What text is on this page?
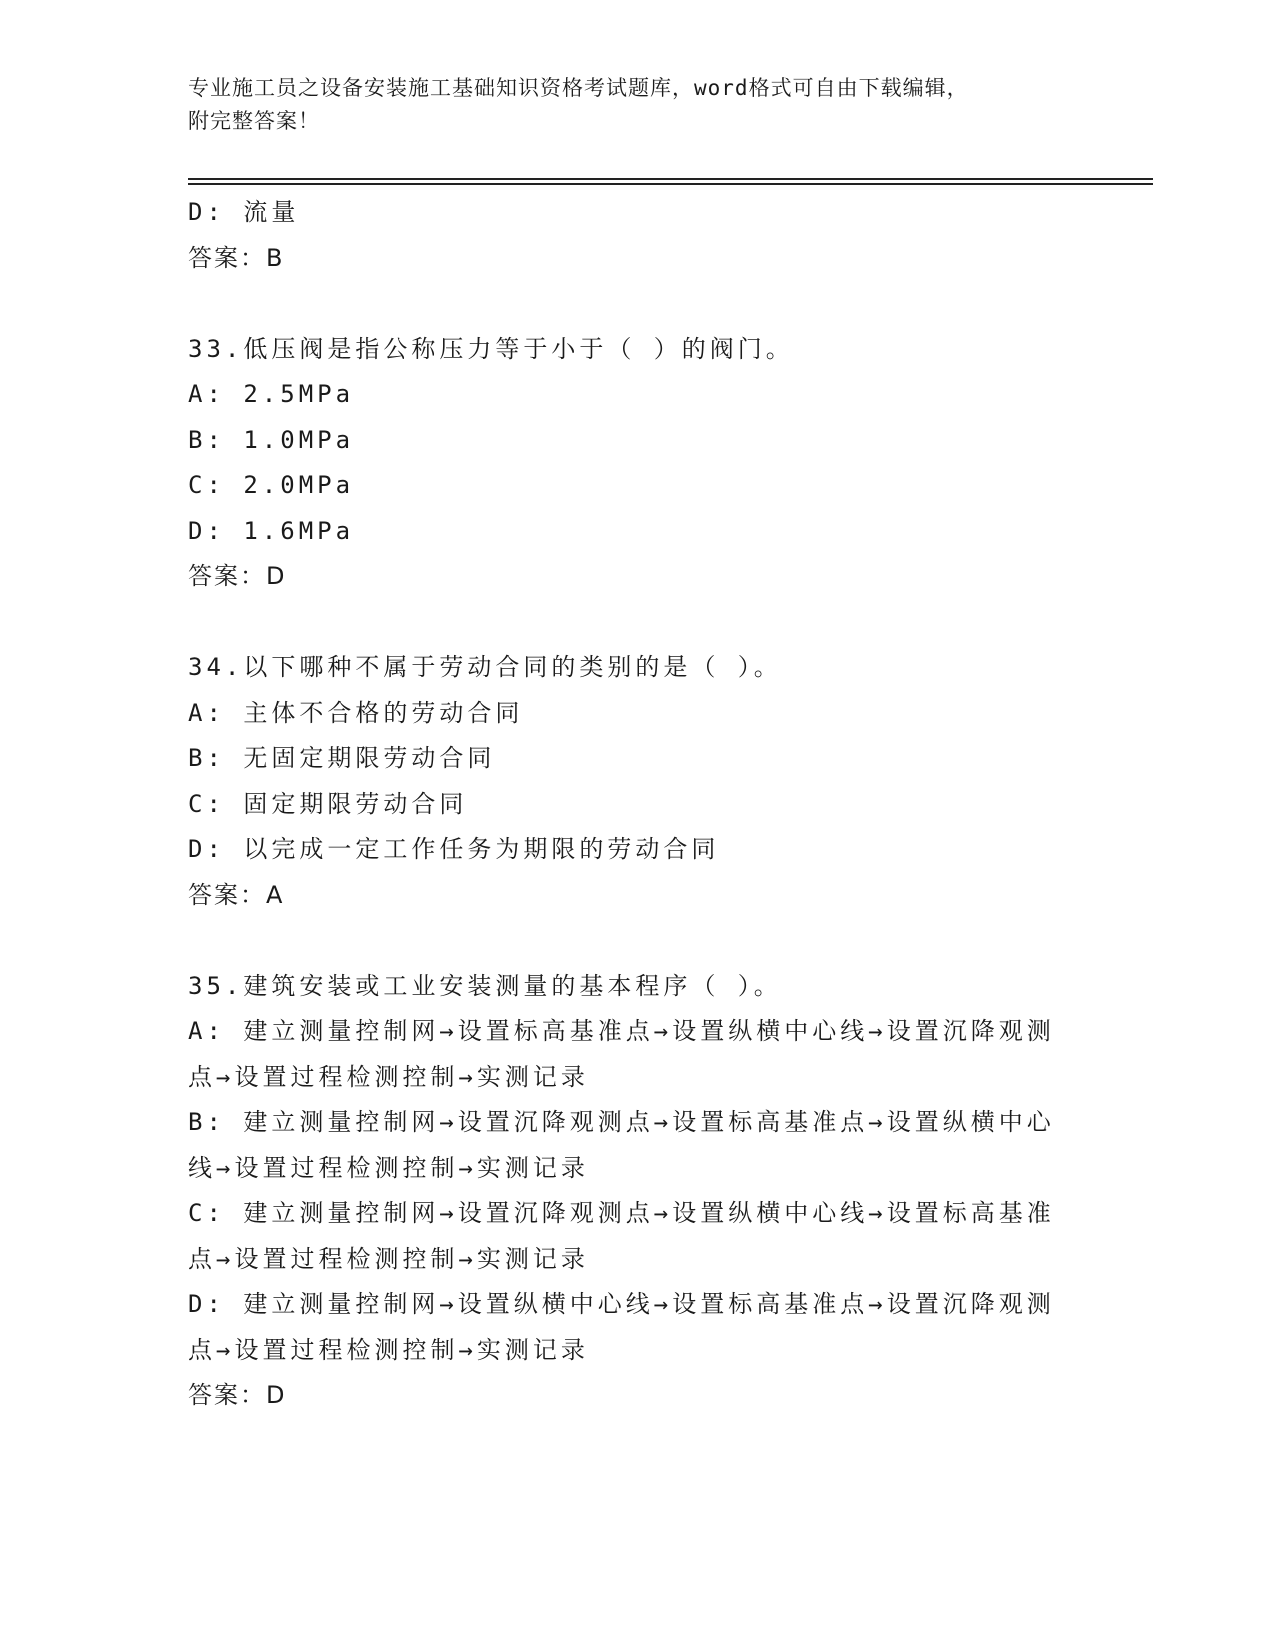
专业施工员之设备安装施工基础知识资格考试题库，word格式可自由下载编辑，
附完整答案！
D: 流量
答案：B
33.低压阀是指公称压力等于小于（ ）的阀门。
A: 2.5MPa
B: 1.0MPa
C: 2.0MPa
D: 1.6MPa
答案：D
34.以下哪种不属于劳动合同的类别的是（ ）。
A: 主体不合格的劳动合同
B: 无固定期限劳动合同
C: 固定期限劳动合同
D: 以完成一定工作任务为期限的劳动合同
答案：A
35.建筑安装或工业安装测量的基本程序（ ）。
A: 建立测量控制网→设置标高基准点→设置纵横中心线→设置沉降观测点→设置过程检测控制→实测记录
B: 建立测量控制网→设置沉降观测点→设置标高基准点→设置纵横中心线→设置过程检测控制→实测记录
C: 建立测量控制网→设置沉降观测点→设置纵横中心线→设置标高基准点→设置过程检测控制→实测记录
D: 建立测量控制网→设置纵横中心线→设置标高基准点→设置沉降观测点→设置过程检测控制→实测记录
答案：D
